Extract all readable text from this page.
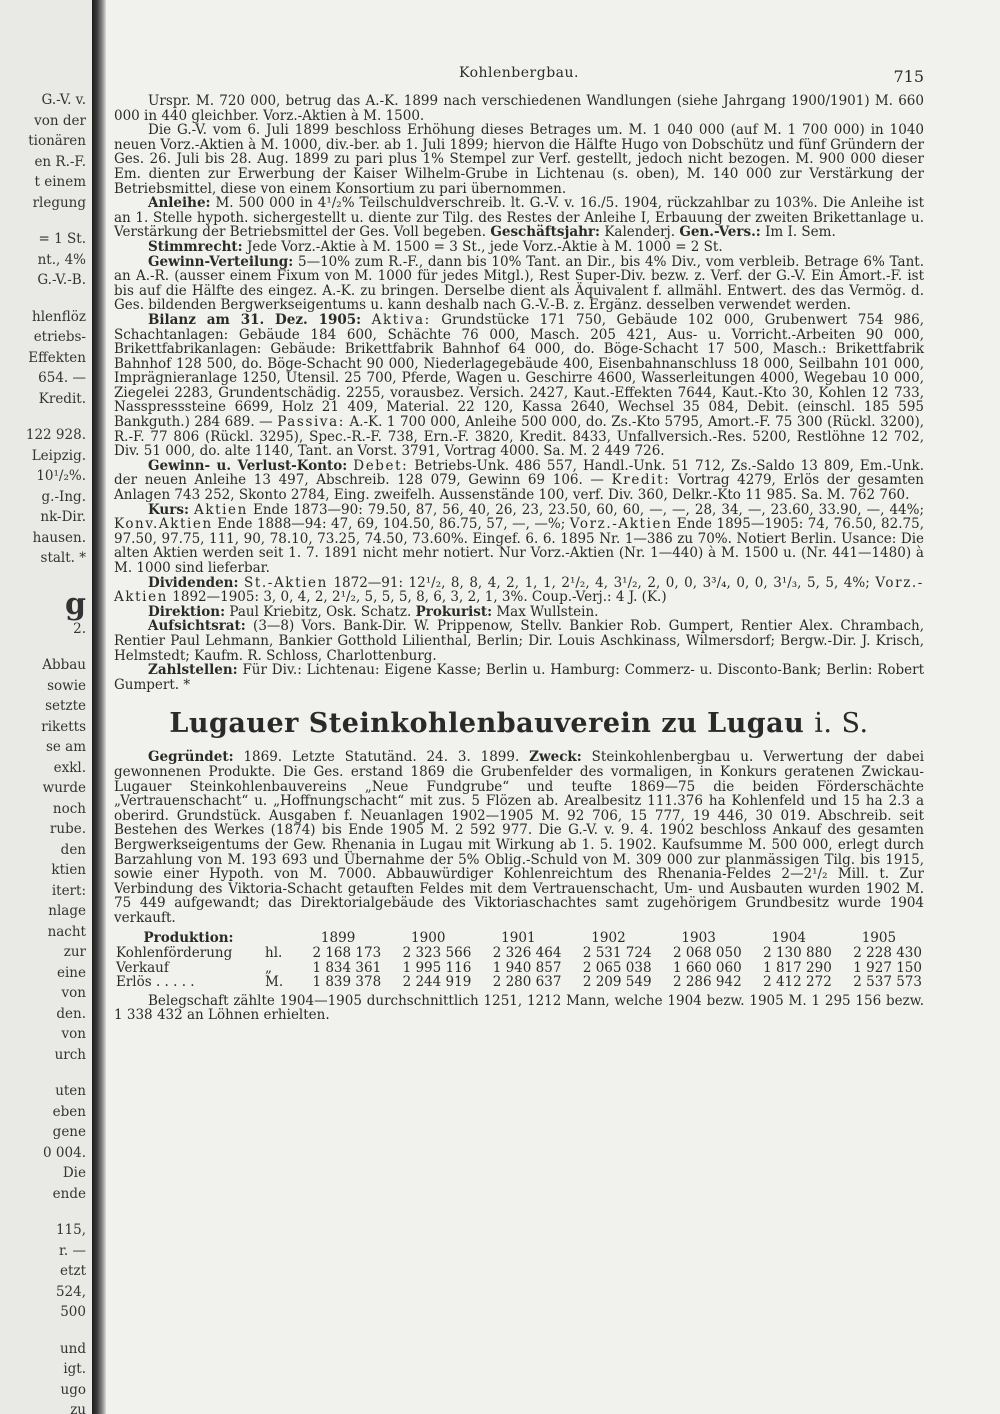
G.-V. v.
von der
tionären
en R.-F.
t einem
rlegung
= 1 St.
nt., 4%
G.-V.-B.
hlenflöz
etriebs-
Effekten
654. —
Kredit.
122 928.
Leipzig.
10¹/₂%.
g.-Ing.
nk-Dir.
hausen.
stalt. *
g
2.
Abbau
sowie
setzte
riketts
se am
exkl.
wurde
noch
rube.
den
ktien
itert:
nlage
nacht
zur
eine
von
den.
von
urch
uten
eben
gene
0 004.
Die
ende
115,
r. —
etzt
524,
500
und
igt.
ugo
zu
Kohlenbergbau.	715

Urspr. M. 720 000, betrug das A.-K. 1899 nach verschiedenen Wandlungen (siehe Jahrgang 1900/1901) M. 660 000 in 440 gleichber. Vorz.-Aktien à M. 1500.

Die G.-V. vom 6. Juli 1899 beschloss Erhöhung dieses Betrages um. M. 1 040 000 (auf M. 1 700 000) in 1040 neuen Vorz.-Aktien à M. 1000, div.-ber. ab 1. Juli 1899; hiervon die Hälfte Hugo von Dobschütz und fünf Gründern der Ges. 26. Juli bis 28. Aug. 1899 zu pari plus 1% Stempel zur Verf. gestellt, jedoch nicht bezogen. M. 900 000 dieser Em. dienten zur Erwerbung der Kaiser Wilhelm-Grube in Lichtenau (s. oben), M. 140 000 zur Verstärkung der Betriebsmittel, diese von einem Konsortium zu pari übernommen.

Anleihe: M. 500 000 in 4¹/₂% Teilschuldverschreib. lt. G.-V. v. 16./5. 1904, rückzahlbar zu 103%. Die Anleihe ist an 1. Stelle hypoth. sichergestellt u. diente zur Tilg. des Restes der Anleihe I, Erbauung der zweiten Brikettanlage u. Verstärkung der Betriebsmittel der Ges. Voll begeben. Geschäftsjahr: Kalenderj. Gen.-Vers.: Im I. Sem.

Stimmrecht: Jede Vorz.-Aktie à M. 1500 = 3 St., jede Vorz.-Aktie à M. 1000 = 2 St.

Gewinn-Verteilung: 5—10% zum R.-F., dann bis 10% Tant. an Dir., bis 4% Div., vom verbleib. Betrage 6% Tant. an A.-R. (ausser einem Fixum von M. 1000 für jedes Mitgl.), Rest Super-Div. bezw. z. Verf. der G.-V. Ein Amort.-F. ist bis auf die Hälfte des eingez. A.-K. zu bringen. Derselbe dient als Äquivalent f. allmähl. Entwert. des das Vermög. d. Ges. bildenden Bergwerkseigentums u. kann deshalb nach G.-V.-B. z. Ergänz. desselben verwendet werden.

Bilanz am 31. Dez. 1905: Aktiva: Grundstücke 171 750, Gebäude 102 000, Grubenwert 754 986, Schachtanlagen: Gebäude 184 600, Schächte 76 000, Masch. 205 421, Aus- u. Vorricht.-Arbeiten 90 000, Brikettfabrikanlagen: Gebäude: Brikettfabrik Bahnhof 64 000, do. Böge-Schacht 17 500, Masch.: Brikettfabrik Bahnhof 128 500, do. Böge-Schacht 90 000, Niederlagegebäude 400, Eisenbahnanschluss 18 000, Seilbahn 101 000, Imprägnieranlage 1250, Utensil. 25 700, Pferde, Wagen u. Geschirre 4600, Wasserleitungen 4000, Wegebau 10 000, Ziegelei 2283, Grundentschädig. 2255, vorausbez. Versich. 2427, Kaut.-Effekten 7644, Kaut.-Kto 30, Kohlen 12 733, Nasspresssteine 6699, Holz 21 409, Material. 22 120, Kassa 2640, Wechsel 35 084, Debit. (einschl. 185 595 Bankguth.) 284 689. — Passiva: A.-K. 1 700 000, Anleihe 500 000, do. Zs.-Kto 5795, Amort.-F. 75 300 (Rückl. 3200), R.-F. 77 806 (Rückl. 3295), Spec.-R.-F. 738, Ern.-F. 3820, Kredit. 8433, Unfallversich.-Res. 5200, Restlöhne 12 702, Div. 51 000, do. alte 1140, Tant. an Vorst. 3791, Vortrag 4000. Sa. M. 2 449 726.

Gewinn- u. Verlust-Konto: Debet: Betriebs-Unk. 486 557, Handl.-Unk. 51 712, Zs.-Saldo 13 809, Em.-Unk. der neuen Anleihe 13 497, Abschreib. 128 079, Gewinn 69 106. — Kredit: Vortrag 4279, Erlös der gesamten Anlagen 743 252, Skonto 2784, Eing. zweifelh. Aussenstände 100, verf. Div. 360, Delkr.-Kto 11 985. Sa. M. 762 760.

Kurs: Aktien Ende 1873—90: 79.50, 87, 56, 40, 26, 23, 23.50, 60, 60, —, —, 28, 34, —, 23.60, 33.90, —, 44%; Konv.Aktien Ende 1888—94: 47, 69, 104.50, 86.75, 57, —, —%; Vorz.-Aktien Ende 1895—1905: 74, 76.50, 82.75, 97.50, 97.75, 111, 90, 78.10, 73.25, 74.50, 73.60%. Eingef. 6. 6. 1895 Nr. 1—386 zu 70%. Notiert Berlin. Usance: Die alten Aktien werden seit 1. 7. 1891 nicht mehr notiert. Nur Vorz.-Aktien (Nr. 1—440) à M. 1500 u. (Nr. 441—1480) à M. 1000 sind lieferbar.

Dividenden: St.-Aktien 1872—91: 12¹/₂, 8, 8, 4, 2, 1, 1, 2¹/₂, 4, 3¹/₂, 2, 0, 0, 3³/₄, 0, 0, 3¹/₃, 5, 5, 4%; Vorz.-Aktien 1892—1905: 3, 0, 4, 2, 2¹/₂, 5, 5, 5, 8, 6, 3, 2, 1, 3%. Coup.-Verj.: 4 J. (K.)

Direktion: Paul Kriebitz, Osk. Schatz. Prokurist: Max Wullstein.

Aufsichtsrat: (3—8) Vors. Bank-Dir. W. Prippenow, Stellv. Bankier Rob. Gumpert, Rentier Alex. Chrambach, Rentier Paul Lehmann, Bankier Gotthold Lilienthal, Berlin; Dir. Louis Aschkinass, Wilmersdorf; Bergw.-Dir. J. Krisch, Helmstedt; Kaufm. R. Schloss, Charlottenburg.

Zahlstellen: Für Div.: Lichtenau: Eigene Kasse; Berlin u. Hamburg: Commerz- u. Disconto-Bank; Berlin: Robert Gumpert. *

Lugauer Steinkohlenbauverein zu Lugau i. S.

Gegründet: 1869. Letzte Statutänd. 24. 3. 1899. Zweck: Steinkohlenbergbau u. Verwertung der dabei gewonnenen Produkte. Die Ges. erstand 1869 die Grubenfelder des vormaligen, in Konkurs geratenen Zwickau-Lugauer Steinkohlenbauvereins „Neue Fundgrube“ und teufte 1869—75 die beiden Förderschächte „Vertrauenschacht“ u. „Hoffnungschacht“ mit zus. 5 Flözen ab. Arealbesitz 111.376 ha Kohlenfeld und 15 ha 2.3 a oberird. Grundstück. Ausgaben f. Neuanlagen 1902—1905 M. 92 706, 15 777, 19 446, 30 019. Abschreib. seit Bestehen des Werkes (1874) bis Ende 1905 M. 2 592 977. Die G.-V. v. 9. 4. 1902 beschloss Ankauf des gesamten Bergwerkseigentums der Gew. Rhenania in Lugau mit Wirkung ab 1. 5. 1902. Kaufsumme M. 500 000, erlegt durch Barzahlung von M. 193 693 und Übernahme der 5% Oblig.-Schuld von M. 309 000 zur planmässigen Tilg. bis 1915, sowie einer Hypoth. von M. 7000. Abbauwürdiger Kohlenreichtum des Rhenania-Feldes 2—2¹/₂ Mill. t. Zur Verbindung des Viktoria-Schacht getauften Feldes mit dem Vertrauenschacht, Um- und Ausbauten wurden 1902 M. 75 449 aufgewandt; das Direktorialgebäude des Viktoriaschachtes samt zugehörigem Grundbesitz wurde 1904 verkauft.

Produktion:		1899	1900	1901	1902	1903	1904	1905
Kohlenförderung	hl.	2 168 173	2 323 566	2 326 464	2 531 724	2 068 050	2 130 880	2 228 430
Verkauf	„	1 834 361	1 995 116	1 940 857	2 065 038	1 660 060	1 817 290	1 927 150
Erlös . . . . .	M.	1 839 378	2 244 919	2 280 637	2 209 549	2 286 942	2 412 272	2 537 573

Belegschaft zählte 1904—1905 durchschnittlich 1251, 1212 Mann, welche 1904 bezw. 1905 M. 1 295 156 bezw. 1 338 432 an Löhnen erhielten.
